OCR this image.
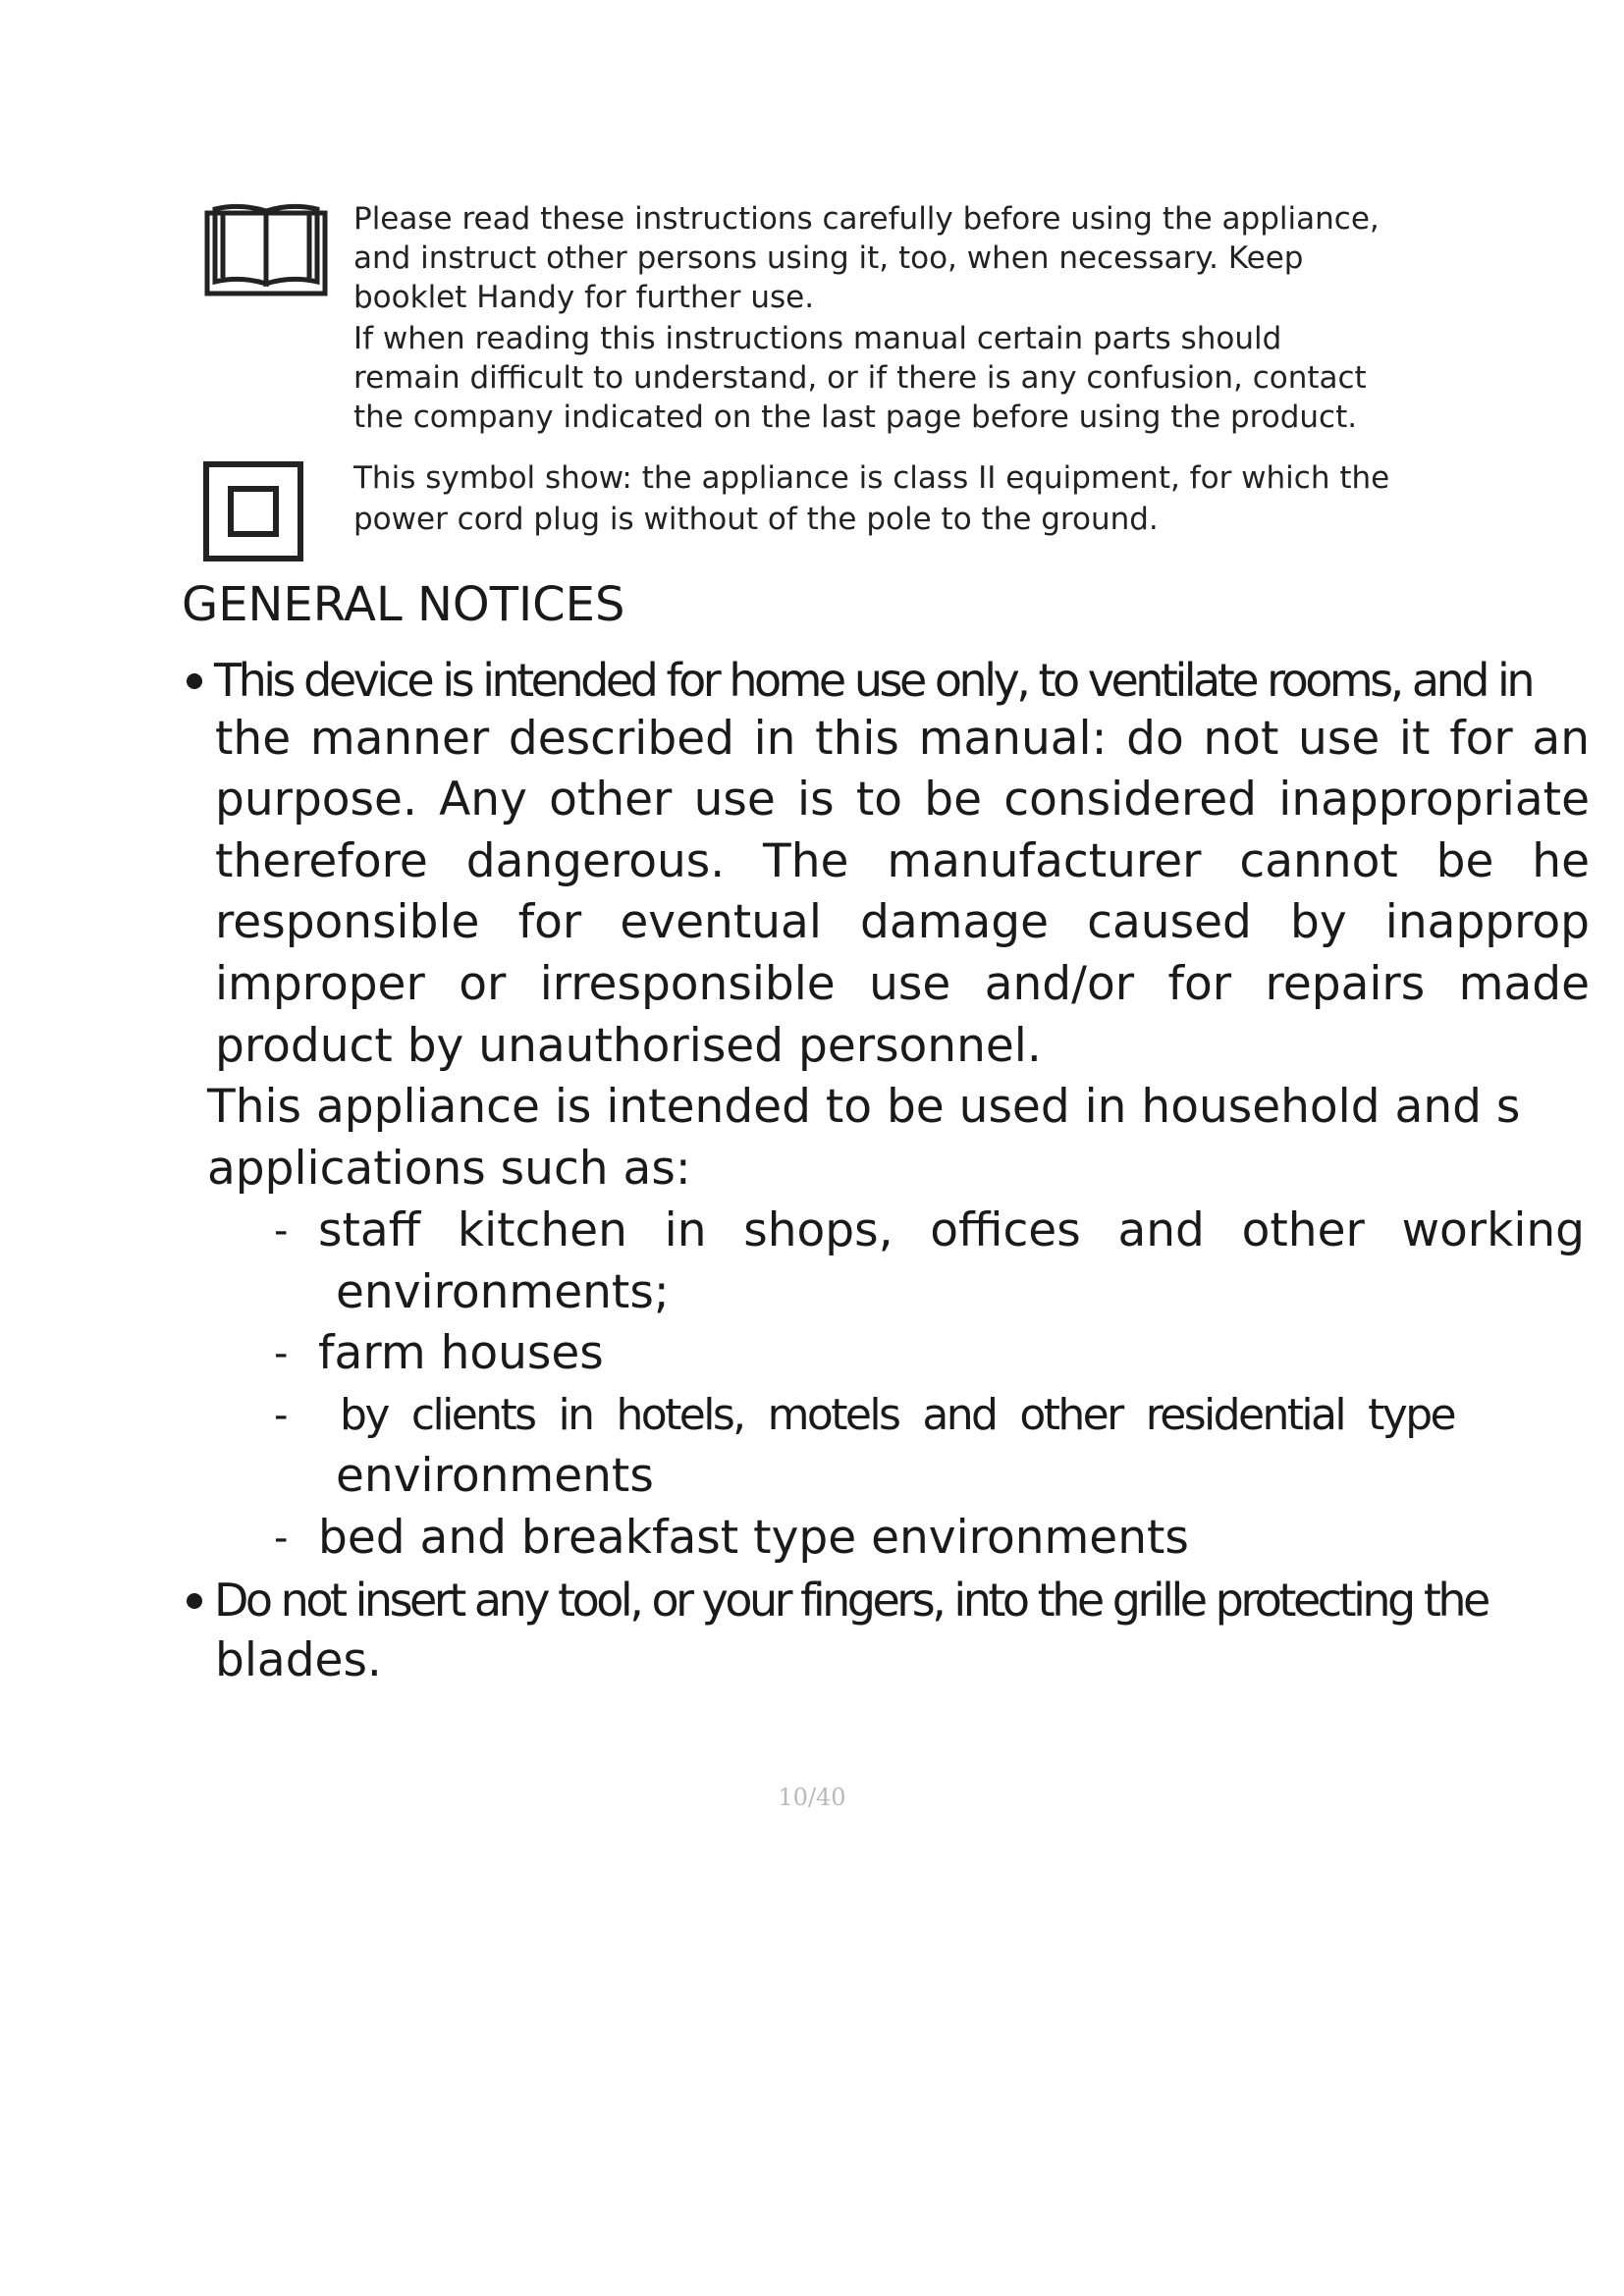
Please read these instructions carefully before using the appliance,
and instruct other persons using it, too, when necessary. Keep
booklet Handy for further use.
If when reading this instructions manual certain parts should
remain difficult to understand, or if there is any confusion, contact
the company indicated on the last page before using the product.
This symbol show: the appliance is class II equipment, for which the
power cord plug is without of the pole to the ground.
GENERAL NOTICES
This device is intended for home use only, to ventilate rooms, and in
the manner described in this manual: do not use it for an
purpose. Any other use is to be considered inappropriate
therefore dangerous. The manufacturer cannot be he
responsible for eventual damage caused by inapprop
improper or irresponsible use and/or for repairs made
product by unauthorised personnel.
This appliance is intended to be used in household and s
applications such as:
- staff kitchen in shops, offices and other working
environments;
- farm houses
- by clients in hotels, motels and other residential type
environments
- bed and breakfast type environments
Do not insert any tool, or your fingers, into the grille protecting the
blades.
10/40
